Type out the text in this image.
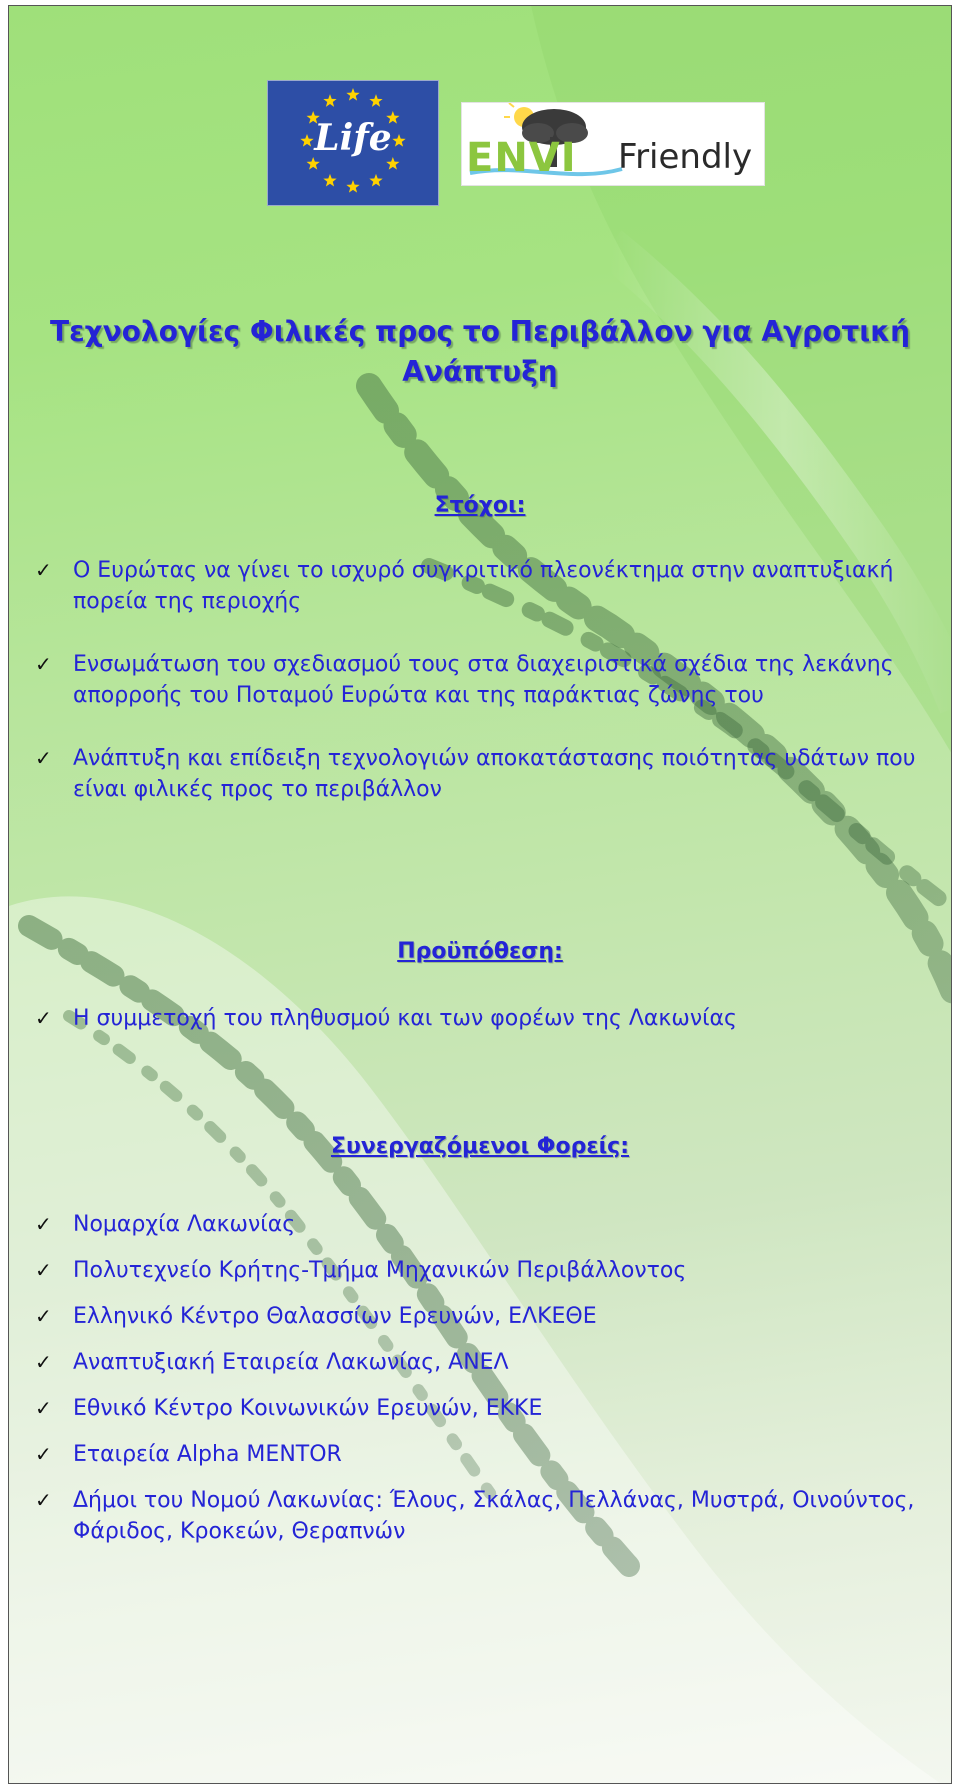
Life	ENVI Friendly
Τεχνολογίες Φιλικές προς το Περιβάλλον για Αγροτική
Ανάπτυξη
Στόχοι:
✓ Ο Ευρώτας να γίνει το ισχυρό συγκριτικό πλεονέκτημα στην αναπτυξιακή πορεία της περιοχής
✓ Ενσωμάτωση του σχεδιασμού τους στα διαχειριστικά σχέδια της λεκάνης απορροής του Ποταμού Ευρώτα και της παράκτιας ζώνης του
✓ Ανάπτυξη και επίδειξη τεχνολογιών αποκατάστασης ποιότητας υδάτων που είναι φιλικές προς το περιβάλλον
Προϋπόθεση:
✓ Η συμμετοχή του πληθυσμού και των φορέων της Λακωνίας
Συνεργαζόμενοι Φορείς:
✓ Νομαρχία Λακωνίας
✓ Πολυτεχνείο Κρήτης-Τμήμα Μηχανικών Περιβάλλοντος
✓ Ελληνικό Κέντρο Θαλασσίων Ερευνών, ΕΛΚΕΘΕ
✓ Αναπτυξιακή Εταιρεία Λακωνίας, ΑΝΕΛ
✓ Εθνικό Κέντρο Κοινωνικών Ερευνών, ΕΚΚΕ
✓ Εταιρεία Alpha MENTOR
✓ Δήμοι του Νομού Λακωνίας: Έλους, Σκάλας, Πελλάνας, Μυστρά, Οινούντος, Φάριδος, Κροκεών, Θεραπνών
